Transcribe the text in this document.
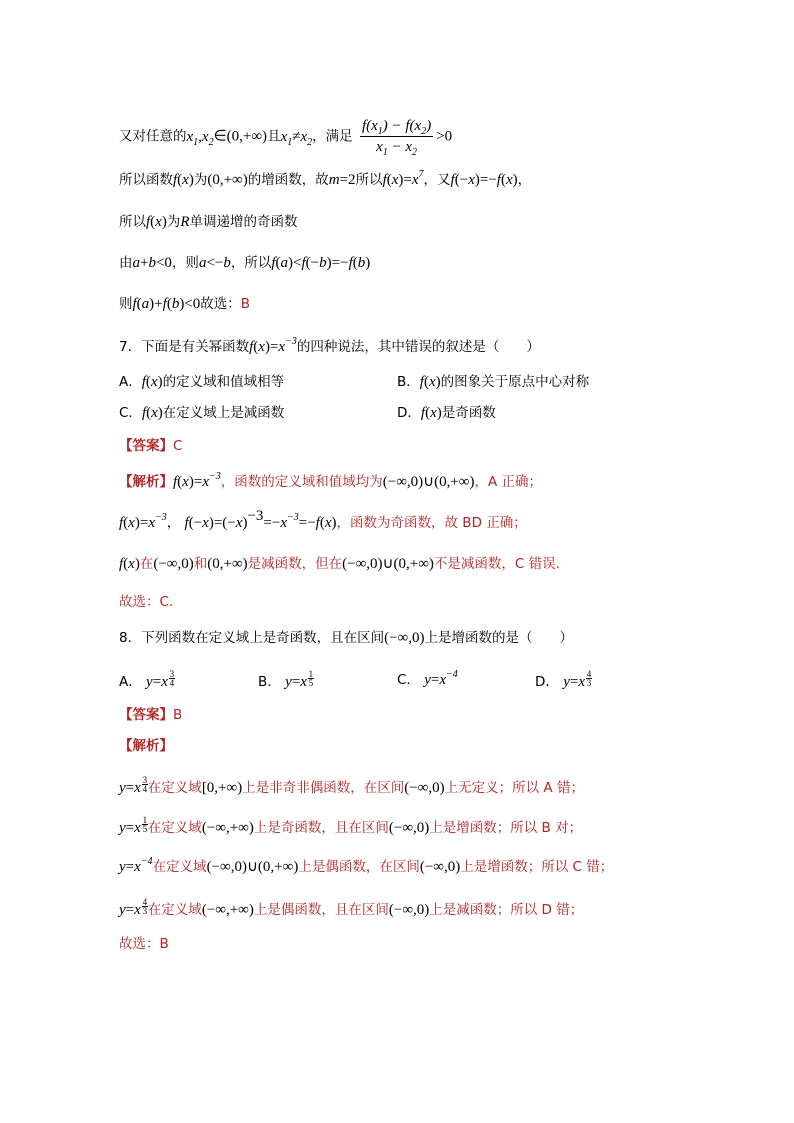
又对任意的$x_1,x_2\in(0,+\infty)$且$x_1\ne x_2$，满足 $\frac{f(x_1) - f(x_2)}{x_1 - x_2} >0$
所以函数f(x)为(0,+∞)的增函数，故m=2所以$f(x)=x^7$，又f(−x)=−f(x)，
所以f(x)为R单调递增的奇函数
由a+b<0，则a<−b，所以f(a)<f(−b)=−f(b)
则f(a)+f(b)<0故选：B
7．下面是有关幂函数$f(x)=x^{-3}$的四种说法，其中错误的叙述是（　　）
A．f(x)的定义域和值域相等	B．f(x)的图象关于原点中心对称
C．f(x)在定义域上是减函数	D．f(x)是奇函数
【答案】C
【解析】$f(x)=x^{-3}$，函数的定义域和值域均为(−∞,0)∪(0,+∞)，A 正确；
$f(x)=x^{-3}$， $f(-x)=(-x)^{-3}=-x^{-3}=-f(x)$，函数为奇函数，故 BD 正确；
f(x)在(−∞,0)和(0,+∞)是减函数，但在(−∞,0)∪(0,+∞)不是减函数，C 错误.
故选：C.
8．下列函数在定义域上是奇函数，且在区间(−∞,0)上是增函数的是（　　）
A． $y=x \frac{3}{4}$	B． $y=x \frac{1}{5}$	C． $y=x^{-4}$	D． $y=x \frac{4}{3}$
【答案】B
【解析】
$y=x \frac{3}{4}$ 在定义域[0,+∞)上是非奇非偶函数，在区间(−∞,0)上无定义；所以 A 错；
$y=x \frac{1}{5}$ 在定义域(−∞,+∞)上是奇函数，且在区间(−∞,0)上是增函数；所以 B 对；
$y=x^{-4}$在定义域(−∞,0)∪(0,+∞)上是偶函数，在区间(−∞,0)上是增函数；所以 C 错；
$y=x \frac{4}{3}$ 在定义域(−∞,+∞)上是偶函数，且在区间(−∞,0)上是减函数；所以 D 错；
故选：B
